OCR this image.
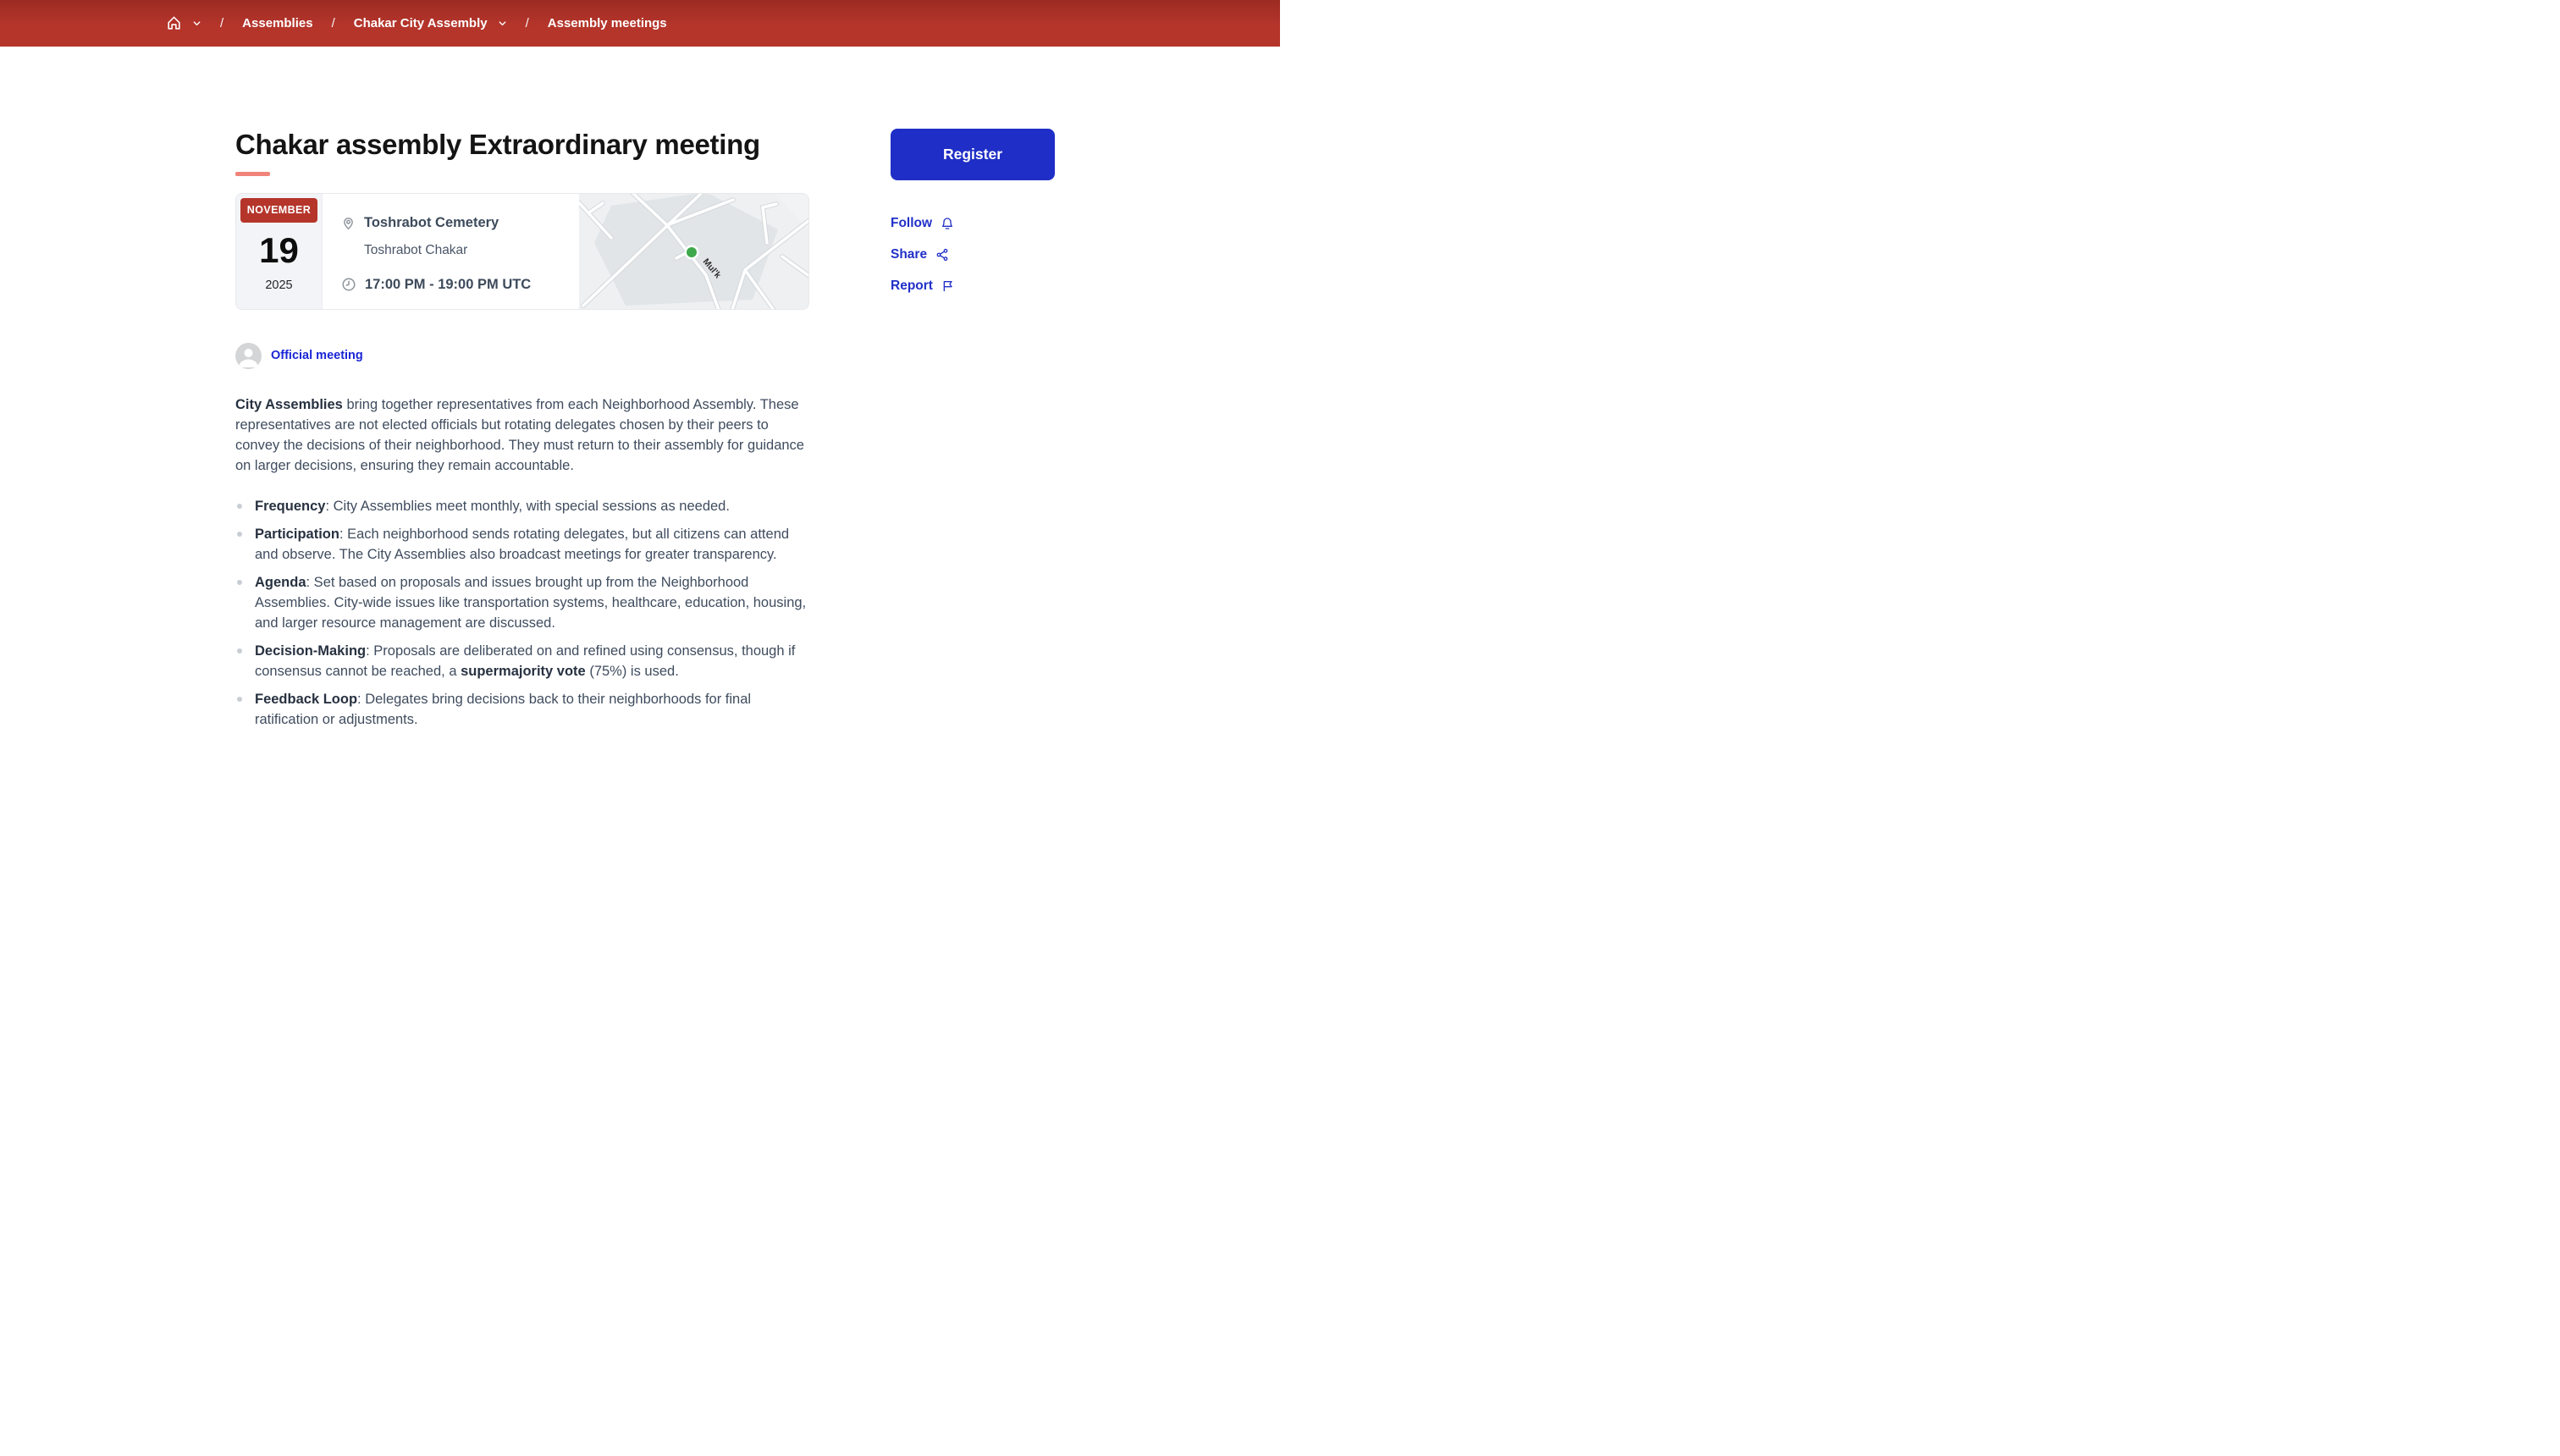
/	Assemblies	/	Chakar City Assembly	/	Assembly meetings
Chakar assembly Extraordinary meeting
NOVEMBER
19
2025
Toshrabot Cemetery
Toshrabot Chakar
17:00 PM - 19:00 PM UTC
Mul'k
Official meeting

City Assemblies bring together representatives from each Neighborhood Assembly. These representatives are not elected officials but rotating delegates chosen by their peers to convey the decisions of their neighborhood. They must return to their assembly for guidance on larger decisions, ensuring they remain accountable.

Frequency: City Assemblies meet monthly, with special sessions as needed.
Participation: Each neighborhood sends rotating delegates, but all citizens can attend and observe. The City Assemblies also broadcast meetings for greater transparency.
Agenda: Set based on proposals and issues brought up from the Neighborhood Assemblies. City-wide issues like transportation systems, healthcare, education, housing, and larger resource management are discussed.
Decision-Making: Proposals are deliberated on and refined using consensus, though if consensus cannot be reached, a supermajority vote (75%) is used.
Feedback Loop: Delegates bring decisions back to their neighborhoods for final ratification or adjustments.
Register
Follow
Share
Report
